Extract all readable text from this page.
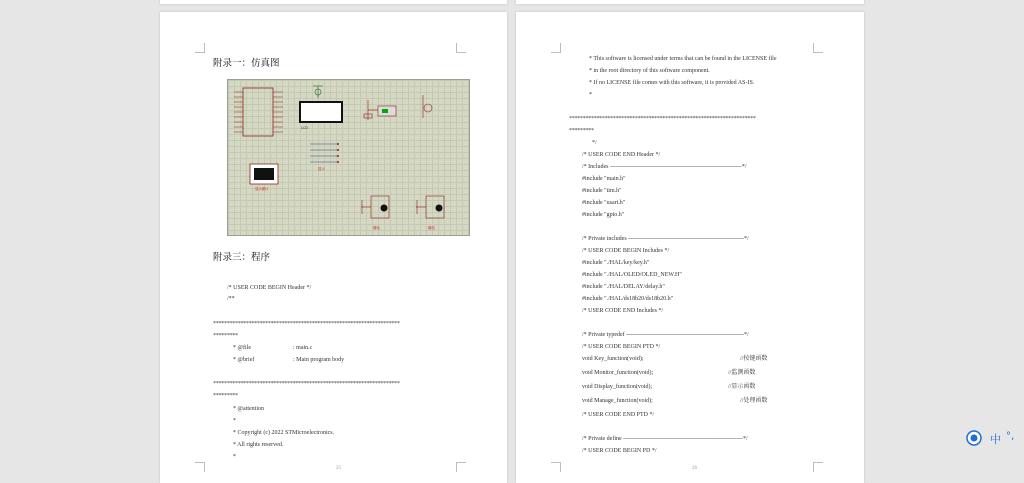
附录一：仿真图
LCD
显示
显示窗口
继电	继电
附录三：程序
/* USER CODE BEGIN Header */
/**
********************************************************************
*********
* @file	: main.c
* @brief	: Main program body
********************************************************************
*********
* @attention
*
* Copyright (c) 2022 STMicroelectronics.
* All rights reserved.
*
25
* This software is licensed under terms that can be found in the LICENSE file
* in the root directory of this software component.
* If no LICENSE file comes with this software, it is provided AS-IS.
*
********************************************************************
*********
*/
/* USER CODE END Header */
/* Includes ------------------------------------------------------------------*/
#include "main.h"
#include "tim.h"
#include "usart.h"
#include "gpio.h"
/* Private includes ----------------------------------------------------------*/
/* USER CODE BEGIN Includes */
#include "./HAL/key/key.h"
#include "./HAL/OLED/OLED_NEW.H"
#include "./HAL/DELAY/delay.h"
#include "./HAL/ds18b20/ds18b20.h"
/* USER CODE END Includes */
/* Private typedef -----------------------------------------------------------*/
/* USER CODE BEGIN PTD */
void Key_function(void);	//按键函数
void Monitor_function(void);	//监测函数
void Display_function(void);	//显示函数
void Manage_function(void);	//处理函数
/* USER CODE END PTD */
/* Private define ------------------------------------------------------------*/
/* USER CODE BEGIN PD */
26
中 °,
